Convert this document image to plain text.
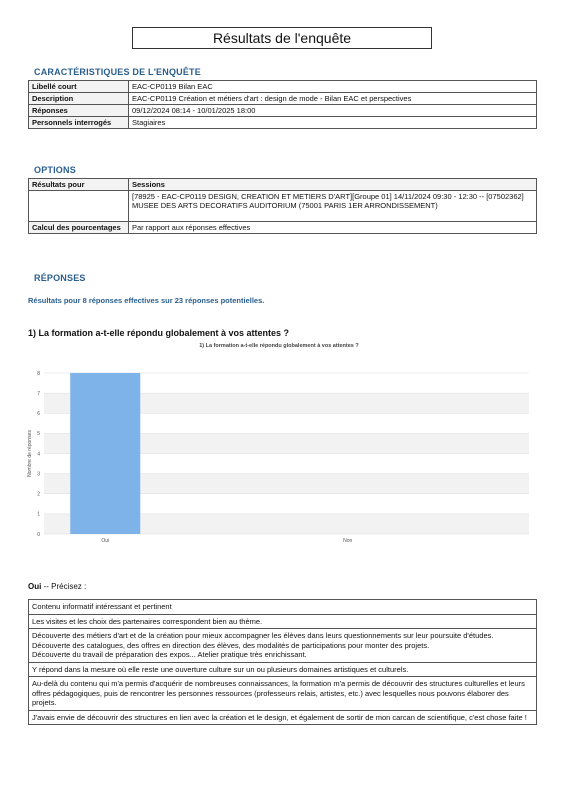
Résultats de l'enquête
CARACTÉRISTIQUES DE L'ENQUÊTE
Libellé court	EAC-CP0119 Bilan EAC
Description	EAC-CP0119 Création et métiers d'art : design de mode - Bilan EAC et perspectives
Réponses	09/12/2024 08:14 - 10/01/2025 18:00
Personnels interrogés	Stagiaires
OPTIONS
Résultats pour	Sessions
	[78925 - EAC-CP0119 DESIGN, CREATION ET METIERS D'ART][Groupe 01] 14/11/2024 09:30 - 12:30 -- [07502362] MUSEE DES ARTS DECORATIFS AUDITORIUM (75001 PARIS 1ER ARRONDISSEMENT)
Calcul des pourcentages	Par rapport aux réponses effectives
RÉPONSES
Résultats pour 8 réponses effectives sur 23 réponses potentielles.
1) La formation a-t-elle répondu globalement à vos attentes ?
1) La formation a-t-elle répondu globalement à vos attentes ?
0
1
2
3
4
5
6
7
8
Oui	Non
Nombre de réponses
Oui -- Précisez :
Contenu informatif intéressant et pertinent
Les visites et les choix des partenaires correspondent bien au thème.
Découverte des métiers d'art et de la création pour mieux accompagner les élèves dans leurs questionnements sur leur poursuite d'études.
Découverte des catalogues, des offres en direction des élèves, des modalités de participations pour monter des projets.
Découverte du travail de préparation des expos... Atelier pratique très enrichissant.
Y répond dans la mesure où elle reste une ouverture culture sur un ou plusieurs domaines artistiques et culturels.
Au-delà du contenu qui m'a permis d'acquérir de nombreuses connaissances, la formation m'a permis de découvrir des structures culturelles et leurs offres pédagogiques, puis de rencontrer les personnes ressources (professeurs relais, artistes, etc.) avec lesquelles nous pouvons élaborer des projets.
J'avais envie de découvrir des structures en lien avec la création et le design, et également de sortir de mon carcan de scientifique, c'est chose faite !
